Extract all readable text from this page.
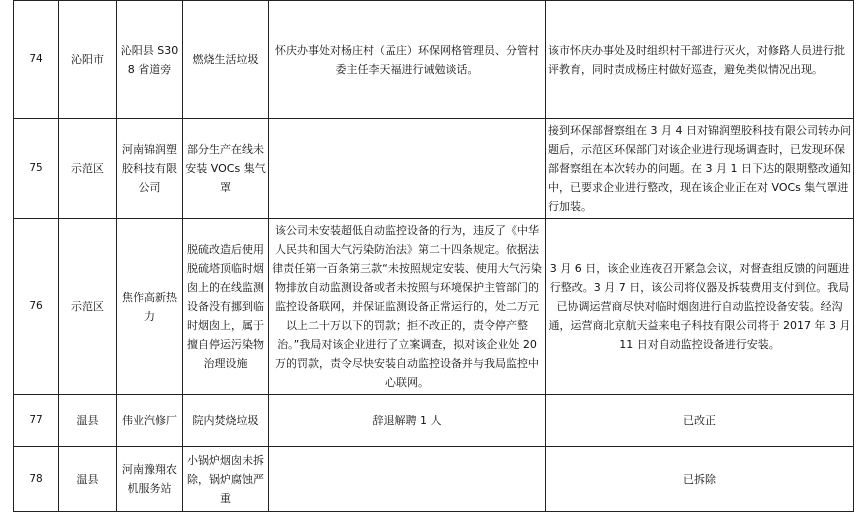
74	沁阳市	沁阳县 S308 省道旁	燃烧生活垃圾	怀庆办事处对杨庄村（孟庄）环保网格管理员、分管村委主任李天福进行诫勉谈话。	该市怀庆办事处及时组织村干部进行灭火，对修路人员进行批评教育，同时责成杨庄村做好巡查，避免类似情况出现。
75	示范区	河南锦润塑胶科技有限公司	部分生产在线未安装 VOCs 集气罩		接到环保部督察组在 3 月 4 日对锦润塑胶科技有限公司转办问题后，示范区环保部门对该企业进行现场调查时，已发现环保部督察组在本次转办的问题。在 3 月 1 日下达的限期整改通知中，已要求企业进行整改，现在该企业正在对 VOCs 集气罩进行加装。
76	示范区	焦作高新热力	脱硫改造后使用脱硫塔顶临时烟囱上的在线监测设备没有挪到临时烟囱上，属于擅自停运污染物治理设施	该公司未安装超低自动监控设备的行为，违反了《中华人民共和国大气污染防治法》第二十四条规定。依据法律责任第一百条第三款“未按照规定安装、使用大气污染物排放自动监测设备或者未按照与环境保护主管部门的监控设备联网，并保证监测设备正常运行的，处二万元以上二十万以下的罚款；拒不改正的，责令停产整治。”我局对该企业进行了立案调查，拟对该企业处 20 万的罚款，责令尽快安装自动监控设备并与我局监控中心联网。	3 月 6 日，该企业连夜召开紧急会议，对督查组反馈的问题进行整改。3 月 7 日，该公司将仪器及拆装费用支付到位。我局已协调运营商尽快对临时烟囱进行自动监控设备安装。经沟通，运营商北京航天益来电子科技有限公司将于 2017 年 3 月 11 日对自动监控设备进行安装。
77	温县	伟业汽修厂	院内焚烧垃圾	辞退解聘 1 人	已改正
78	温县	河南豫翔农机服务站	小锅炉烟囱未拆除，锅炉腐蚀严重		已拆除
